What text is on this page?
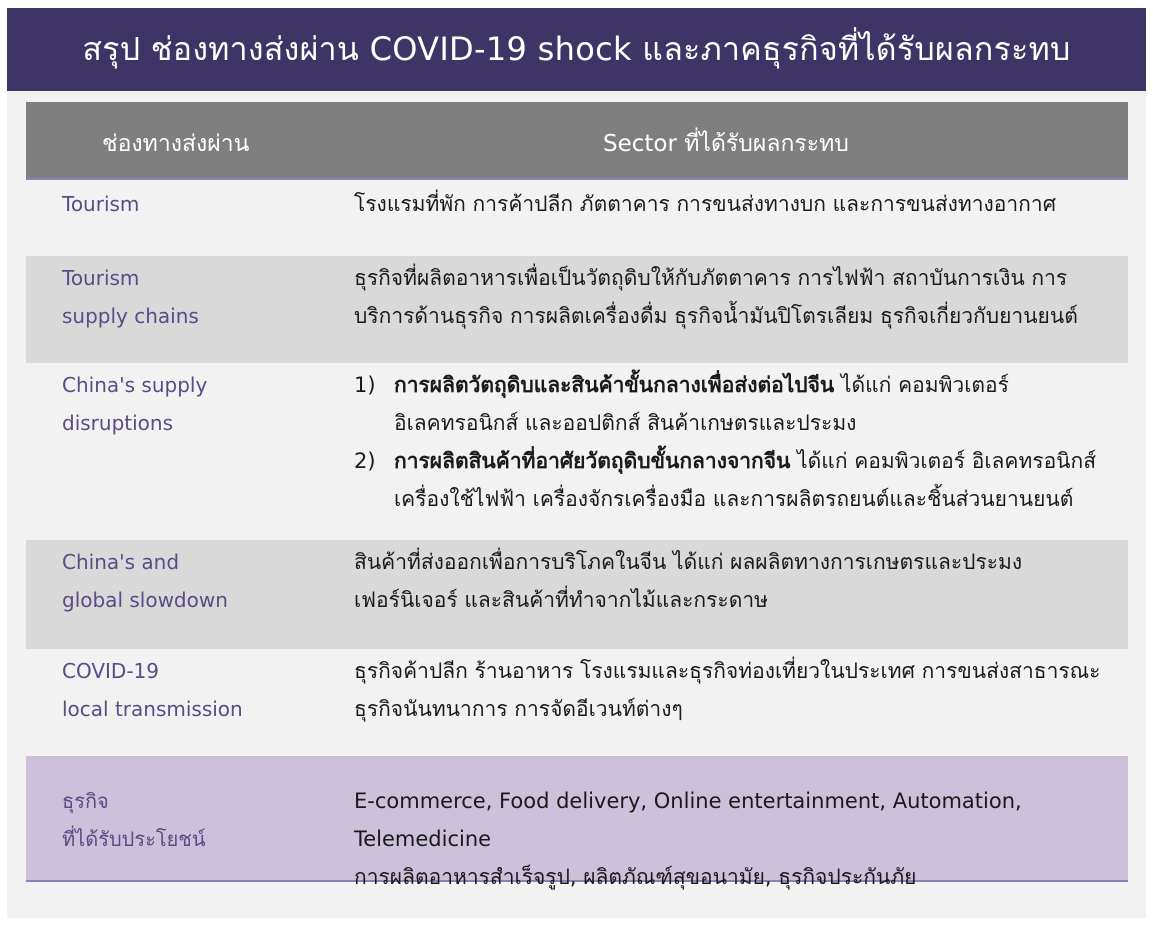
สรุป ช่องทางส่งผ่าน COVID-19 shock และภาคธุรกิจที่ได้รับผลกระทบ
ช่องทางส่งผ่าน	Sector ที่ได้รับผลกระทบ
Tourism	โรงแรมที่พัก การค้าปลีก ภัตตาคาร การขนส่งทางบก และการขนส่งทางอากาศ
Tourism
supply chains
ธุรกิจที่ผลิตอาหารเพื่อเป็นวัตถุดิบให้กับภัตตาคาร การไฟฟ้า สถาบันการเงิน การ
บริการด้านธุรกิจ การผลิตเครื่องดื่ม ธุรกิจน้ำมันปิโตรเลียม ธุรกิจเกี่ยวกับยานยนต์
China's supply
disruptions
1) การผลิตวัตถุดิบและสินค้าขั้นกลางเพื่อส่งต่อไปจีน ได้แก่ คอมพิวเตอร์
อิเลคทรอนิกส์ และออปติกส์ สินค้าเกษตรและประมง
2) การผลิตสินค้าที่อาศัยวัตถุดิบขั้นกลางจากจีน ได้แก่ คอมพิวเตอร์ อิเลคทรอนิกส์
เครื่องใช้ไฟฟ้า เครื่องจักรเครื่องมือ และการผลิตรถยนต์และชิ้นส่วนยานยนต์
China's and
global slowdown
สินค้าที่ส่งออกเพื่อการบริโภคในจีน ได้แก่ ผลผลิตทางการเกษตรและประมง
เฟอร์นิเจอร์ และสินค้าที่ทำจากไม้และกระดาษ
COVID-19
local transmission
ธุรกิจค้าปลีก ร้านอาหาร โรงแรมและธุรกิจท่องเที่ยวในประเทศ การขนส่งสาธารณะ
ธุรกิจนันทนาการ การจัดอีเวนท์ต่างๆ
ธุรกิจ
ที่ได้รับประโยชน์
E-commerce, Food delivery, Online entertainment, Automation, Telemedicine
การผลิตอาหารสำเร็จรูป, ผลิตภัณฑ์สุขอนามัย, ธุรกิจประกันภัย
